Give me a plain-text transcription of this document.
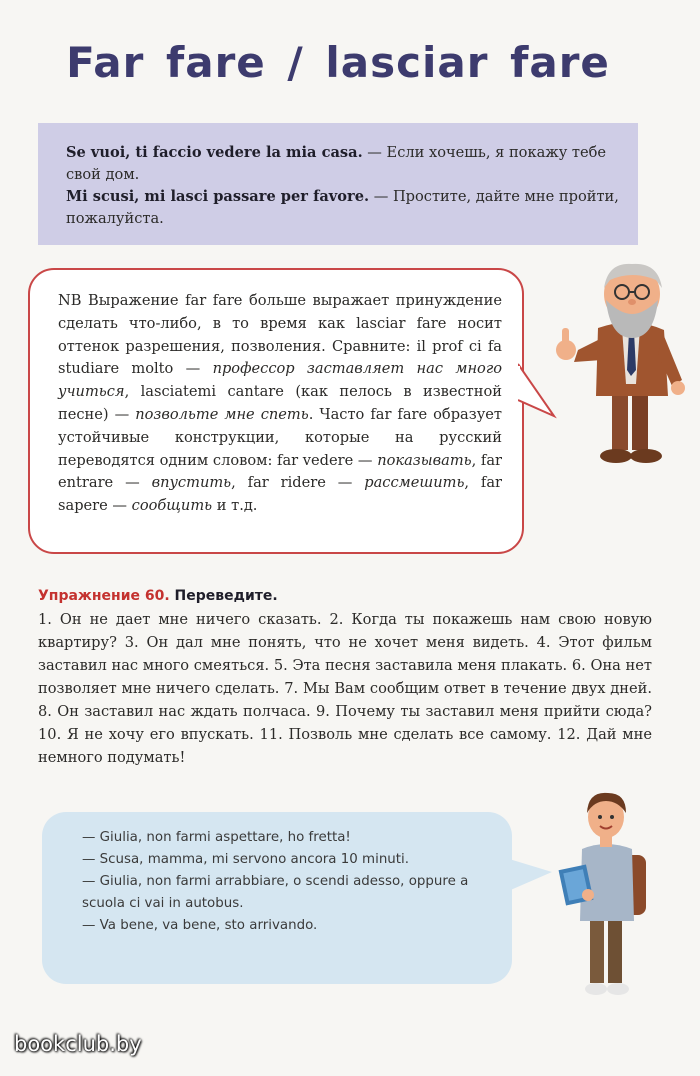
Far fare / lasciar fare

Se vuoi, ti faccio vedere la mia casa. — Если хочешь, я покажу тебе свой дом.

Mi scusi, mi lasci passare per favore. — Простите, дайте мне пройти, пожалуйста.

NB Выражение far fare больше выражает принуждение сделать что-либо, в то время как lasciar fare носит оттенок разрешения, позволения. Сравните: il prof ci fa studiare molto — профессор заставляет нас много учиться, lasciatemi cantare (как пелось в известной песне) — позвольте мне спеть. Часто far fare образует устойчивые конструкции, которые на русский переводятся одним словом: far vedere — показывать, far entrare — впустить, far ridere — рассмешить, far sapere — сообщить и т.д.

Упражнение 60. Переведите.

1. Он не дает мне ничего сказать. 2. Когда ты покажешь нам свою новую квартиру? 3. Он дал мне понять, что не хочет меня видеть. 4. Этот фильм заставил нас много смеяться. 5. Эта песня заставила меня плакать. 6. Она нет позволяет мне ничего сделать. 7. Мы Вам сообщим ответ в течение двух дней. 8. Он заставил нас ждать полчаса. 9. Почему ты заставил меня прийти сюда? 10. Я не хочу его впускать. 11. Позволь мне сделать все самому. 12. Дай мне немного подумать!

— Giulia, non farmi aspettare, ho fretta!

— Scusa, mamma, mi servono ancora 10 minuti.

— Giulia, non farmi arrabbiare, o scendi adesso, oppure a scuola ci vai in autobus.

— Va bene, va bene, sto arrivando.

bookclub.by
